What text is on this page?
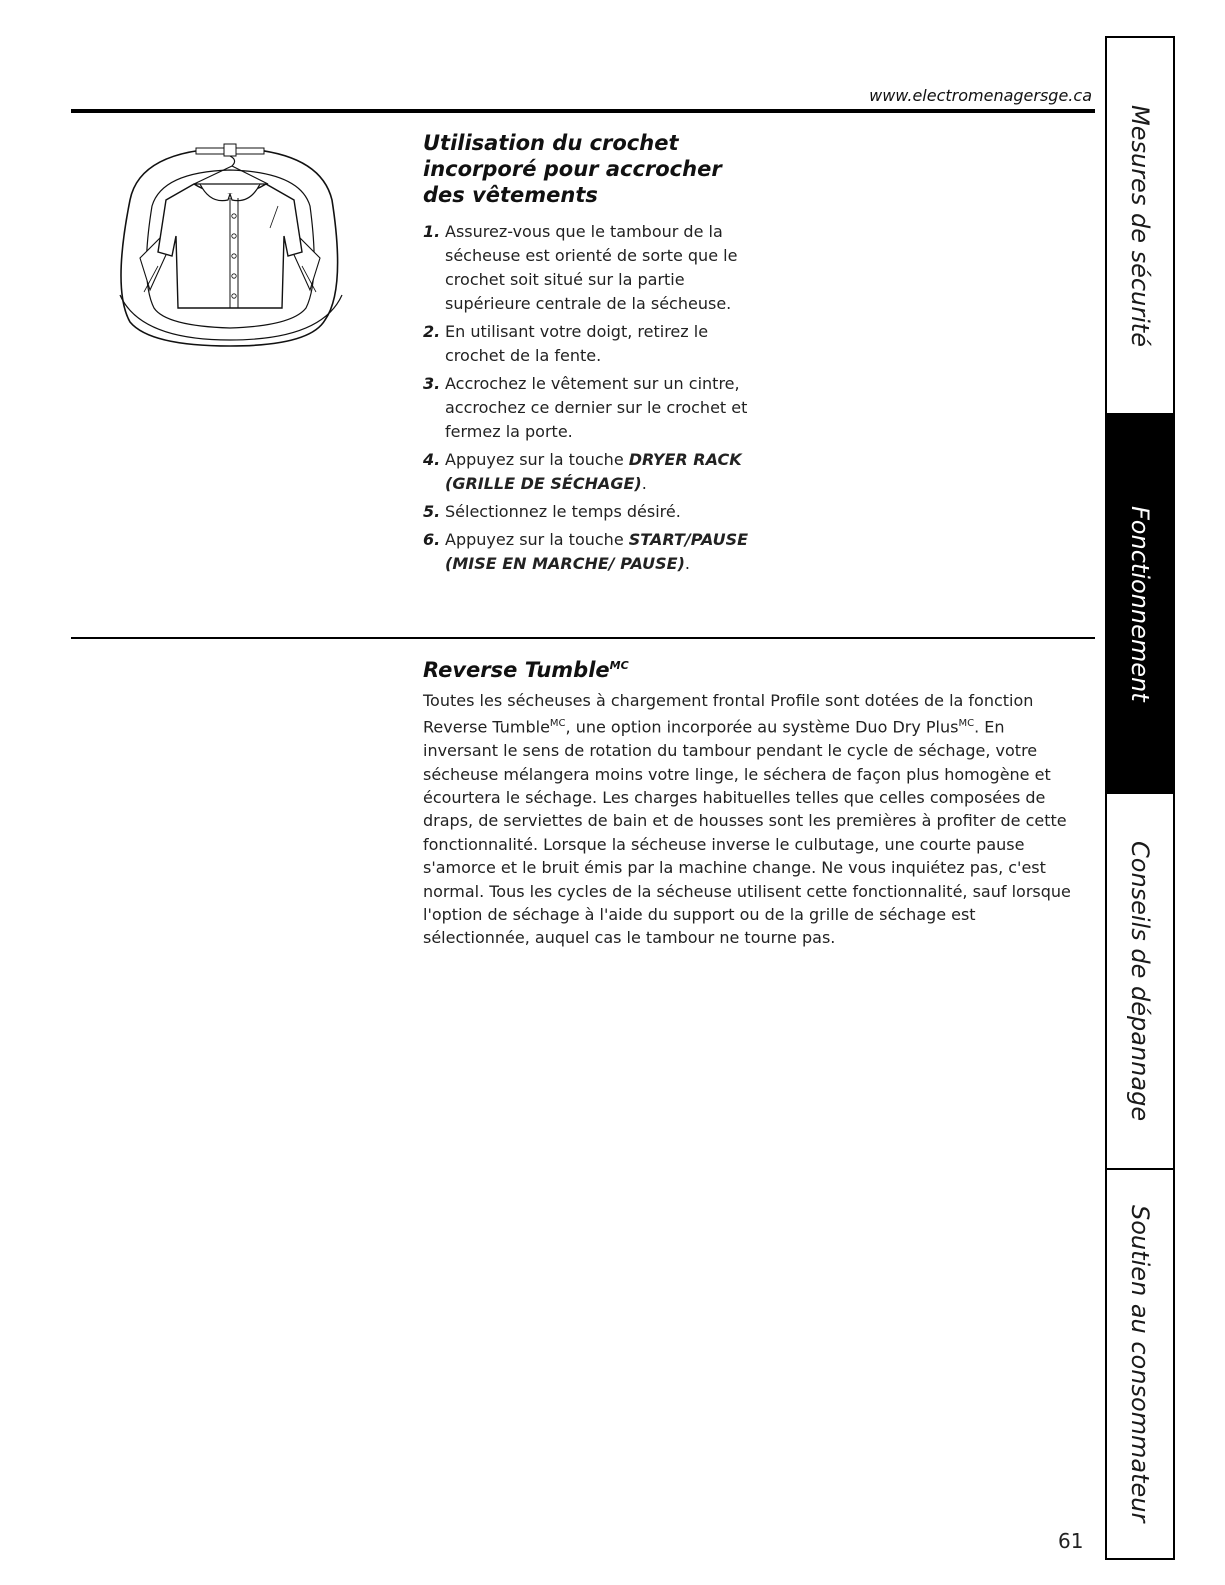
www.electromenagersge.ca
Utilisation du crochet incorporé pour accrocher des vêtements
1. Assurez-vous que le tambour de la sécheuse est orienté de sorte que le crochet soit situé sur la partie supérieure centrale de la sécheuse.
2. En utilisant votre doigt, retirez le crochet de la fente.
3. Accrochez le vêtement sur un cintre, accrochez ce dernier sur le crochet et fermez la porte.
4. Appuyez sur la touche DRYER RACK (GRILLE DE SÉCHAGE).
5. Sélectionnez le temps désiré.
6. Appuyez sur la touche START/PAUSE (MISE EN MARCHE/ PAUSE).
Reverse Tumble$^{MC}$

Toutes les sécheuses à chargement frontal Profile sont dotées de la fonction Reverse Tumble$^{MC}$, une option incorporée au système Duo Dry Plus$^{MC}$. En inversant le sens de rotation du tambour pendant le cycle de séchage, votre sécheuse mélangera moins votre linge, le séchera de façon plus homogène et écourtera le séchage. Les charges habituelles telles que celles composées de draps, de serviettes de bain et de housses sont les premières à profiter de cette fonctionnalité. Lorsque la sécheuse inverse le culbutage, une courte pause s'amorce et le bruit émis par la machine change. Ne vous inquiétez pas, c'est normal. Tous les cycles de la sécheuse utilisent cette fonctionnalité, sauf lorsque l'option de séchage à l'aide du support ou de la grille de séchage est sélectionnée, auquel cas le tambour ne tourne pas.

61
Mesures de sécurité
Fonctionnement
Conseils de dépannage
Soutien au consommateur
